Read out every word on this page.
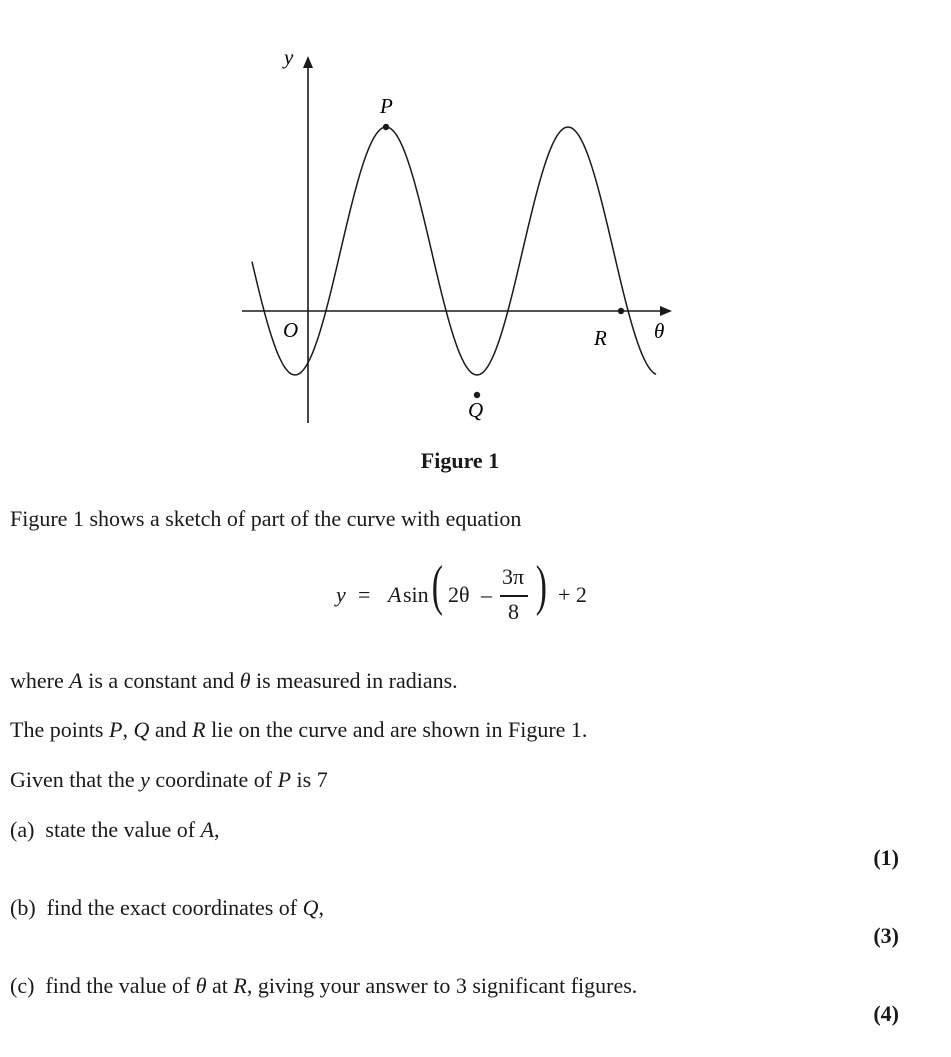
y
θ
O
P
Q
R
Figure 1
Figure 1 shows a sketch of part of the curve with equation
y = A sin ( 2θ –
3π
8 ) + 2
where A is a constant and θ is measured in radians.
The points P, Q and R lie on the curve and are shown in Figure 1.
Given that the y coordinate of P is 7
(a) state the value of A,
(1)
(b) find the exact coordinates of Q,
(3)
(c) find the value of θ at R, giving your answer to 3 significant figures.
(4)
